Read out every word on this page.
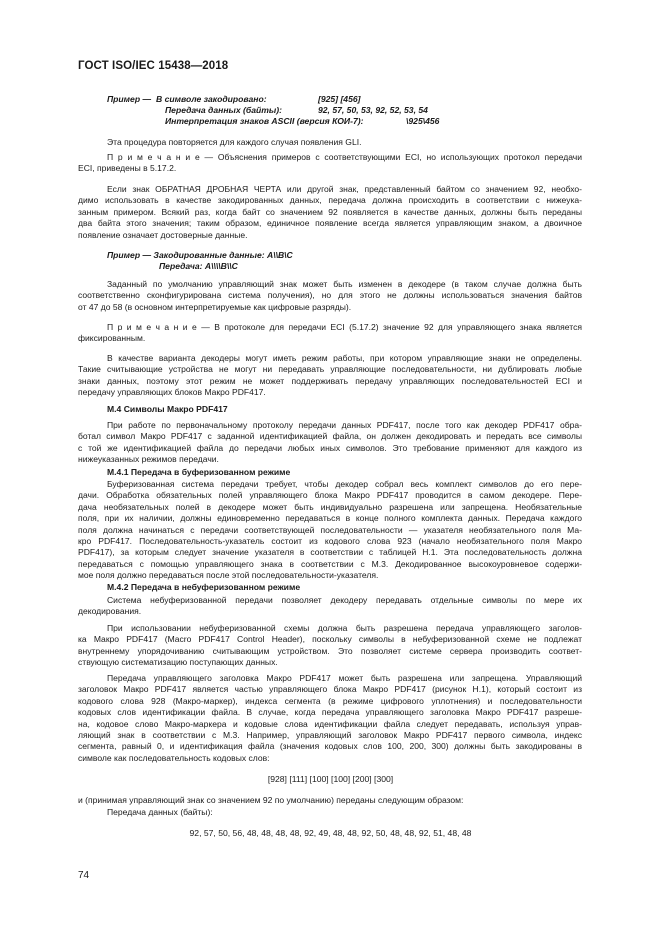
ГОСТ ISO/IEC 15438—2018
Пример — В символе закодировано:	[925] [456]
Передача данных (байты):	92, 57, 50, 53, 92, 52, 53, 54
Интерпретация знаков ASCII (версия КОИ-7):	\925\456
Эта процедура повторяется для каждого случая появления GLI.
П р и м е ч а н и е — Объяснения примеров с соответствующими ECI, но использующих протокол передачи
ECI, приведены в 5.17.2.
Если знак ОБРАТНАЯ ДРОБНАЯ ЧЕРТА или другой знак, представленный байтом со значением 92, необхо-
димо использовать в качестве закодированных данных, передача должна происходить в соответствии с нижеука-
занным примером. Всякий раз, когда байт со значением 92 появляется в качестве данных, должны быть переданы
два байта этого значения; таким образом, единичное появление всегда является управляющим знаком, а двоичное
появление означает достоверные данные.
Пример — Закодированные данные: A\\B\C
Передача: A\\\\B\\C
Заданный по умолчанию управляющий знак может быть изменен в декодере (в таком случае должна быть
соответственно сконфигурирована система получения), но для этого не должны использоваться значения байтов
от 47 до 58 (в основном интерпретируемые как цифровые разряды).
П р и м е ч а н и е — В протоколе для передачи ECI (5.17.2) значение 92 для управляющего знака является
фиксированным.
В качестве варианта декодеры могут иметь режим работы, при котором управляющие знаки не определены.
Такие считывающие устройства не могут ни передавать управляющие последовательности, ни дублировать любые
знаки данных, поэтому этот режим не может поддерживать передачу управляющих последовательностей ECI и
передачу управляющих блоков Макро PDF417.
М.4 Символы Макро PDF417
При работе по первоначальному протоколу передачи данных PDF417, после того как декодер PDF417 обра-
ботал символ Макро PDF417 с заданной идентификацией файла, он должен декодировать и передать все символы
с той же идентификацией файла до передачи любых иных символов. Это требование применяют для каждого из
нижеуказанных режимов передачи.
М.4.1 Передача в буферизованном режиме
Буферизованная система передачи требует, чтобы декодер собрал весь комплект символов до его пере-
дачи. Обработка обязательных полей управляющего блока Макро PDF417 проводится в самом декодере. Пере-
дача необязательных полей в декодере может быть индивидуально разрешена или запрещена. Необязательные
поля, при их наличии, должны единовременно передаваться в конце полного комплекта данных. Передача каждого
поля должна начинаться с передачи соответствующей последовательности — указателя необязательного поля Ма-
кро PDF417. Последовательность-указатель состоит из кодового слова 923 (начало необязательного поля Макро
PDF417), за которым следует значение указателя в соответствии с таблицей Н.1. Эта последовательность должна
передаваться с помощью управляющего знака в соответствии с М.3. Декодированное высокоуровневое содержи-
мое поля должно передаваться после этой последовательности-указателя.
М.4.2 Передача в небуферизованном режиме
Система небуферизованной передачи позволяет декодеру передавать отдельные символы по мере их
декодирования.
При использовании небуферизованной схемы должна быть разрешена передача управляющего заголов-
ка Макро PDF417 (Macro PDF417 Control Header), поскольку символы в небуферизованной схеме не подлежат
внутреннему упорядочиванию считывающим устройством. Это позволяет системе сервера производить соответ-
ствующую систематизацию поступающих данных.
Передача управляющего заголовка Макро PDF417 может быть разрешена или запрещена. Управляющий
заголовок Макро PDF417 является частью управляющего блока Макро PDF417 (рисунок Н.1), который состоит из
кодового слова 928 (Макро-маркер), индекса сегмента (в режиме цифрового уплотнения) и последовательности
кодовых слов идентификации файла. В случае, когда передача управляющего заголовка Макро PDF417 разреше-
на, кодовое слово Макро-маркера и кодовые слова идентификации файла следует передавать, используя управ-
ляющий знак в соответствии с М.3. Например, управляющий заголовок Макро PDF417 первого символа, индекс
сегмента, равный 0, и идентификация файла (значения кодовых слов 100, 200, 300) должны быть закодированы в
символе как последовательность кодовых слов:
[928] [111] [100] [100] [200] [300]
и (принимая управляющий знак со значением 92 по умолчанию) переданы следующим образом:
Передача данных (байты):
92, 57, 50, 56, 48, 48, 48, 48, 92, 49, 48, 48, 92, 50, 48, 48, 92, 51, 48, 48
74
